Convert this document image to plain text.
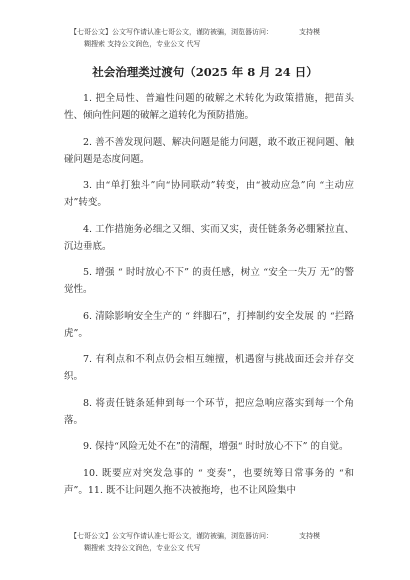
【七哥公文】公文写作请认准七哥公文，谨防被骗，浏览器访问：	支持模
糊搜索 支持公文润色，专业公文 代写
社会治理类过渡句（2025 年 8 月 24 日）

1. 把全局性、普遍性问题的破解之术转化为政策措施，把苗头性、倾向性问题的破解之道转化为预防措施。

2. 善不善发现问题、解决问题是能力问题，敢不敢正视问题、触碰问题是态度问题。

3. 由“单打独斗”向“协同联动”转变，由“被动应急”向 “主动应对”转变。

4. 工作措施务必细之又细、实而又实，责任链条务必绷紧拉直、沉边垂底。

5. 增强 “ 时时放心不下” 的责任感，树立 “安全一失万 无”的警觉性。

6. 清除影响安全生产的 “ 绊脚石”，打摔制约安全发展 的 “拦路虎”。

7. 有利点和不利点仍会相互缠擅，机遇窗与挑战面还会并存交织。

8. 将责任链条延伸到每一个环节，把应急响应落实到每一个角落。

9. 保持“风险无处不在”的清醒，增强“ 时时放心不下” 的自觉。

10. 既要应对突发急事的 “ 变奏”，也要统筹日常事务的 “和声”。11. 既不让问题久拖不决被拖垮，也不让风险集中

【七哥公文】公文写作请认准七哥公文，谨防被骗，浏览器访问：	支持模
糊搜索 支持公文润色，专业公文 代写
